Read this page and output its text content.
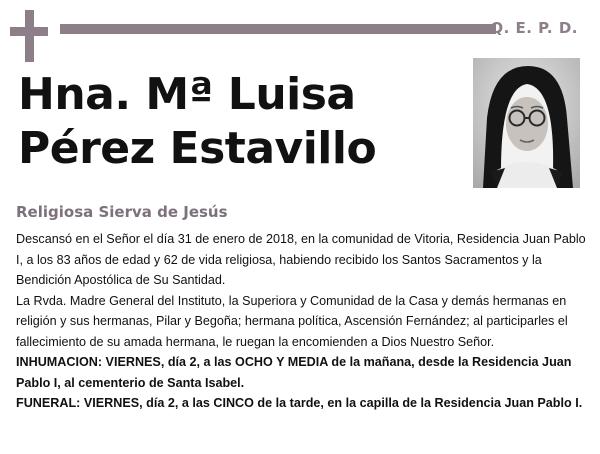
Q. E. P. D.
Hna. Mª Luisa
Pérez Estavillo
Religiosa Sierva de Jesús

Descansó en el Señor el día 31 de enero de 2018, en la comunidad de Vitoria, Residencia Juan Pablo I, a los 83 años de edad y 62 de vida religiosa, habiendo recibido los Santos Sacramentos y la Bendición Apostólica de Su Santidad.

La Rvda. Madre General del Instituto, la Superiora y Comunidad de la Casa y demás hermanas en religión y sus hermanas, Pilar y Begoña; hermana política, Ascensión Fernández; al participarles el fallecimiento de su amada hermana, le ruegan la encomienden a Dios Nuestro Señor.

INHUMACION: VIERNES, día 2, a las OCHO Y MEDIA de la mañana, desde la Residencia Juan Pablo I, al cementerio de Santa Isabel.

FUNERAL: VIERNES, día 2, a las CINCO de la tarde, en la capilla de la Residencia Juan Pablo I.
